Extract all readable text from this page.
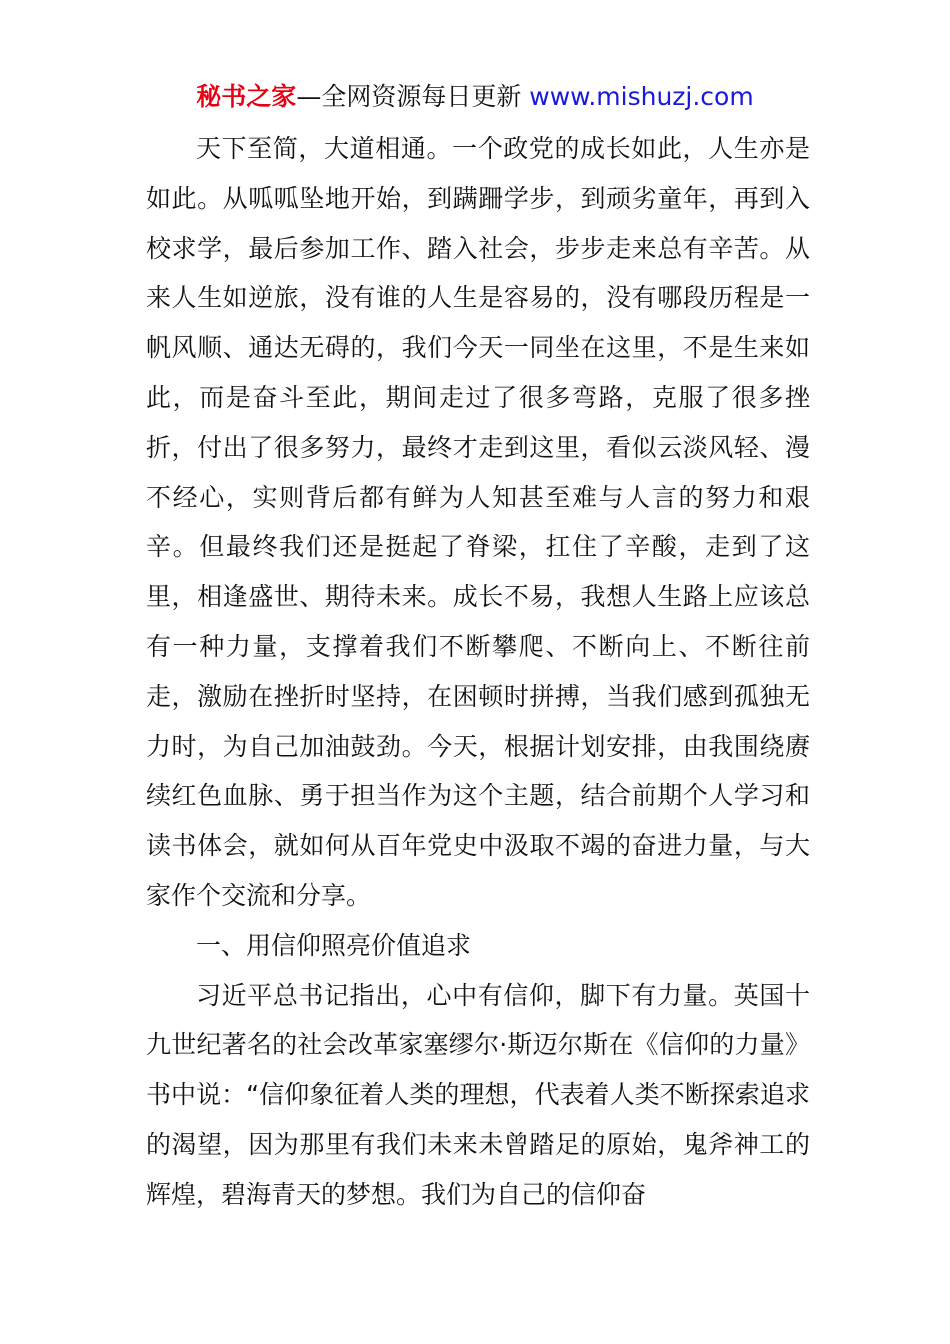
秘书之家—全网资源每日更新 www.mishuzj.com

天下至简，大道相通。一个政党的成长如此，人生亦是如此。从呱呱坠地开始，到蹒跚学步，到顽劣童年，再到入校求学，最后参加工作、踏入社会，步步走来总有辛苦。从来人生如逆旅，没有谁的人生是容易的，没有哪段历程是一帆风顺、通达无碍的，我们今天一同坐在这里，不是生来如此，而是奋斗至此，期间走过了很多弯路，克服了很多挫折，付出了很多努力，最终才走到这里，看似云淡风轻、漫不经心，实则背后都有鲜为人知甚至难与人言的努力和艰辛。但最终我们还是挺起了脊梁，扛住了辛酸，走到了这里，相逢盛世、期待未来。成长不易，我想人生路上应该总有一种力量，支撑着我们不断攀爬、不断向上、不断往前走，激励在挫折时坚持，在困顿时拼搏，当我们感到孤独无力时，为自己加油鼓劲。今天，根据计划安排，由我围绕赓续红色血脉、勇于担当作为这个主题，结合前期个人学习和读书体会，就如何从百年党史中汲取不竭的奋进力量，与大家作个交流和分享。

一、用信仰照亮价值追求

习近平总书记指出，心中有信仰，脚下有力量。英国十九世纪著名的社会改革家塞缪尔·斯迈尔斯在《信仰的力量》书中说：“信仰象征着人类的理想，代表着人类不断探索追求的渴望，因为那里有我们未来未曾踏足的原始，鬼斧神工的辉煌，碧海青天的梦想。我们为自己的信仰奋
